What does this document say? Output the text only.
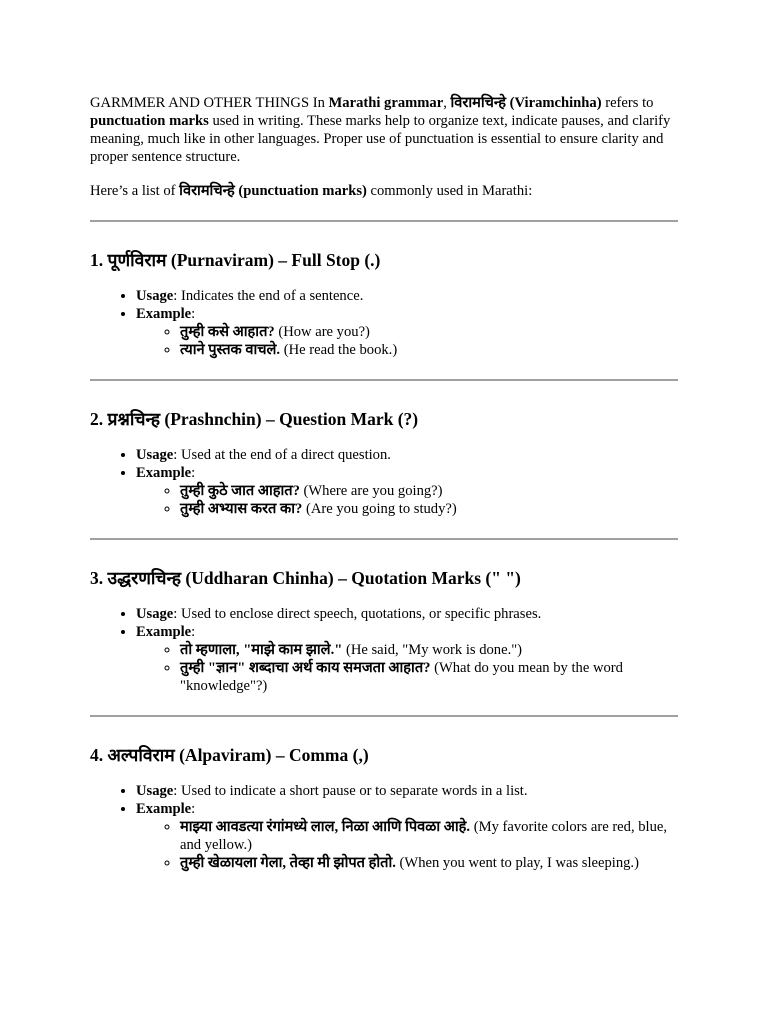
GARMMER AND OTHER THINGS In Marathi grammar, विरामचिन्हे (Viramchinha) refers to punctuation marks used in writing. These marks help to organize text, indicate pauses, and clarify meaning, much like in other languages. Proper use of punctuation is essential to ensure clarity and proper sentence structure.

Here’s a list of विरामचिन्हे (punctuation marks) commonly used in Marathi:

1. पूर्णविराम (Purnaviram) – Full Stop (.)
• Usage: Indicates the end of a sentence.
• Example:
◦ तुम्ही कसे आहात? (How are you?)
◦ त्याने पुस्तक वाचले. (He read the book.)
2. प्रश्नचिन्ह (Prashnchin) – Question Mark (?)
• Usage: Used at the end of a direct question.
• Example:
◦ तुम्ही कुठे जात आहात? (Where are you going?)
◦ तुम्ही अभ्यास करत का? (Are you going to study?)
3. उद्धरणचिन्ह (Uddharan Chinha) – Quotation Marks (" ")
• Usage: Used to enclose direct speech, quotations, or specific phrases.
• Example:
◦ तो म्हणाला, "माझे काम झाले." (He said, "My work is done.")
◦ तुम्ही "ज्ञान" शब्दाचा अर्थ काय समजता आहात? (What do you mean by the word "knowledge"?)
4. अल्पविराम (Alpaviram) – Comma (,)
• Usage: Used to indicate a short pause or to separate words in a list.
• Example:
◦ माझ्या आवडत्या रंगांमध्ये लाल, निळा आणि पिवळा आहे. (My favorite colors are red, blue, and yellow.)
◦ तुम्ही खेळायला गेला, तेव्हा मी झोपत होतो. (When you went to play, I was sleeping.)
